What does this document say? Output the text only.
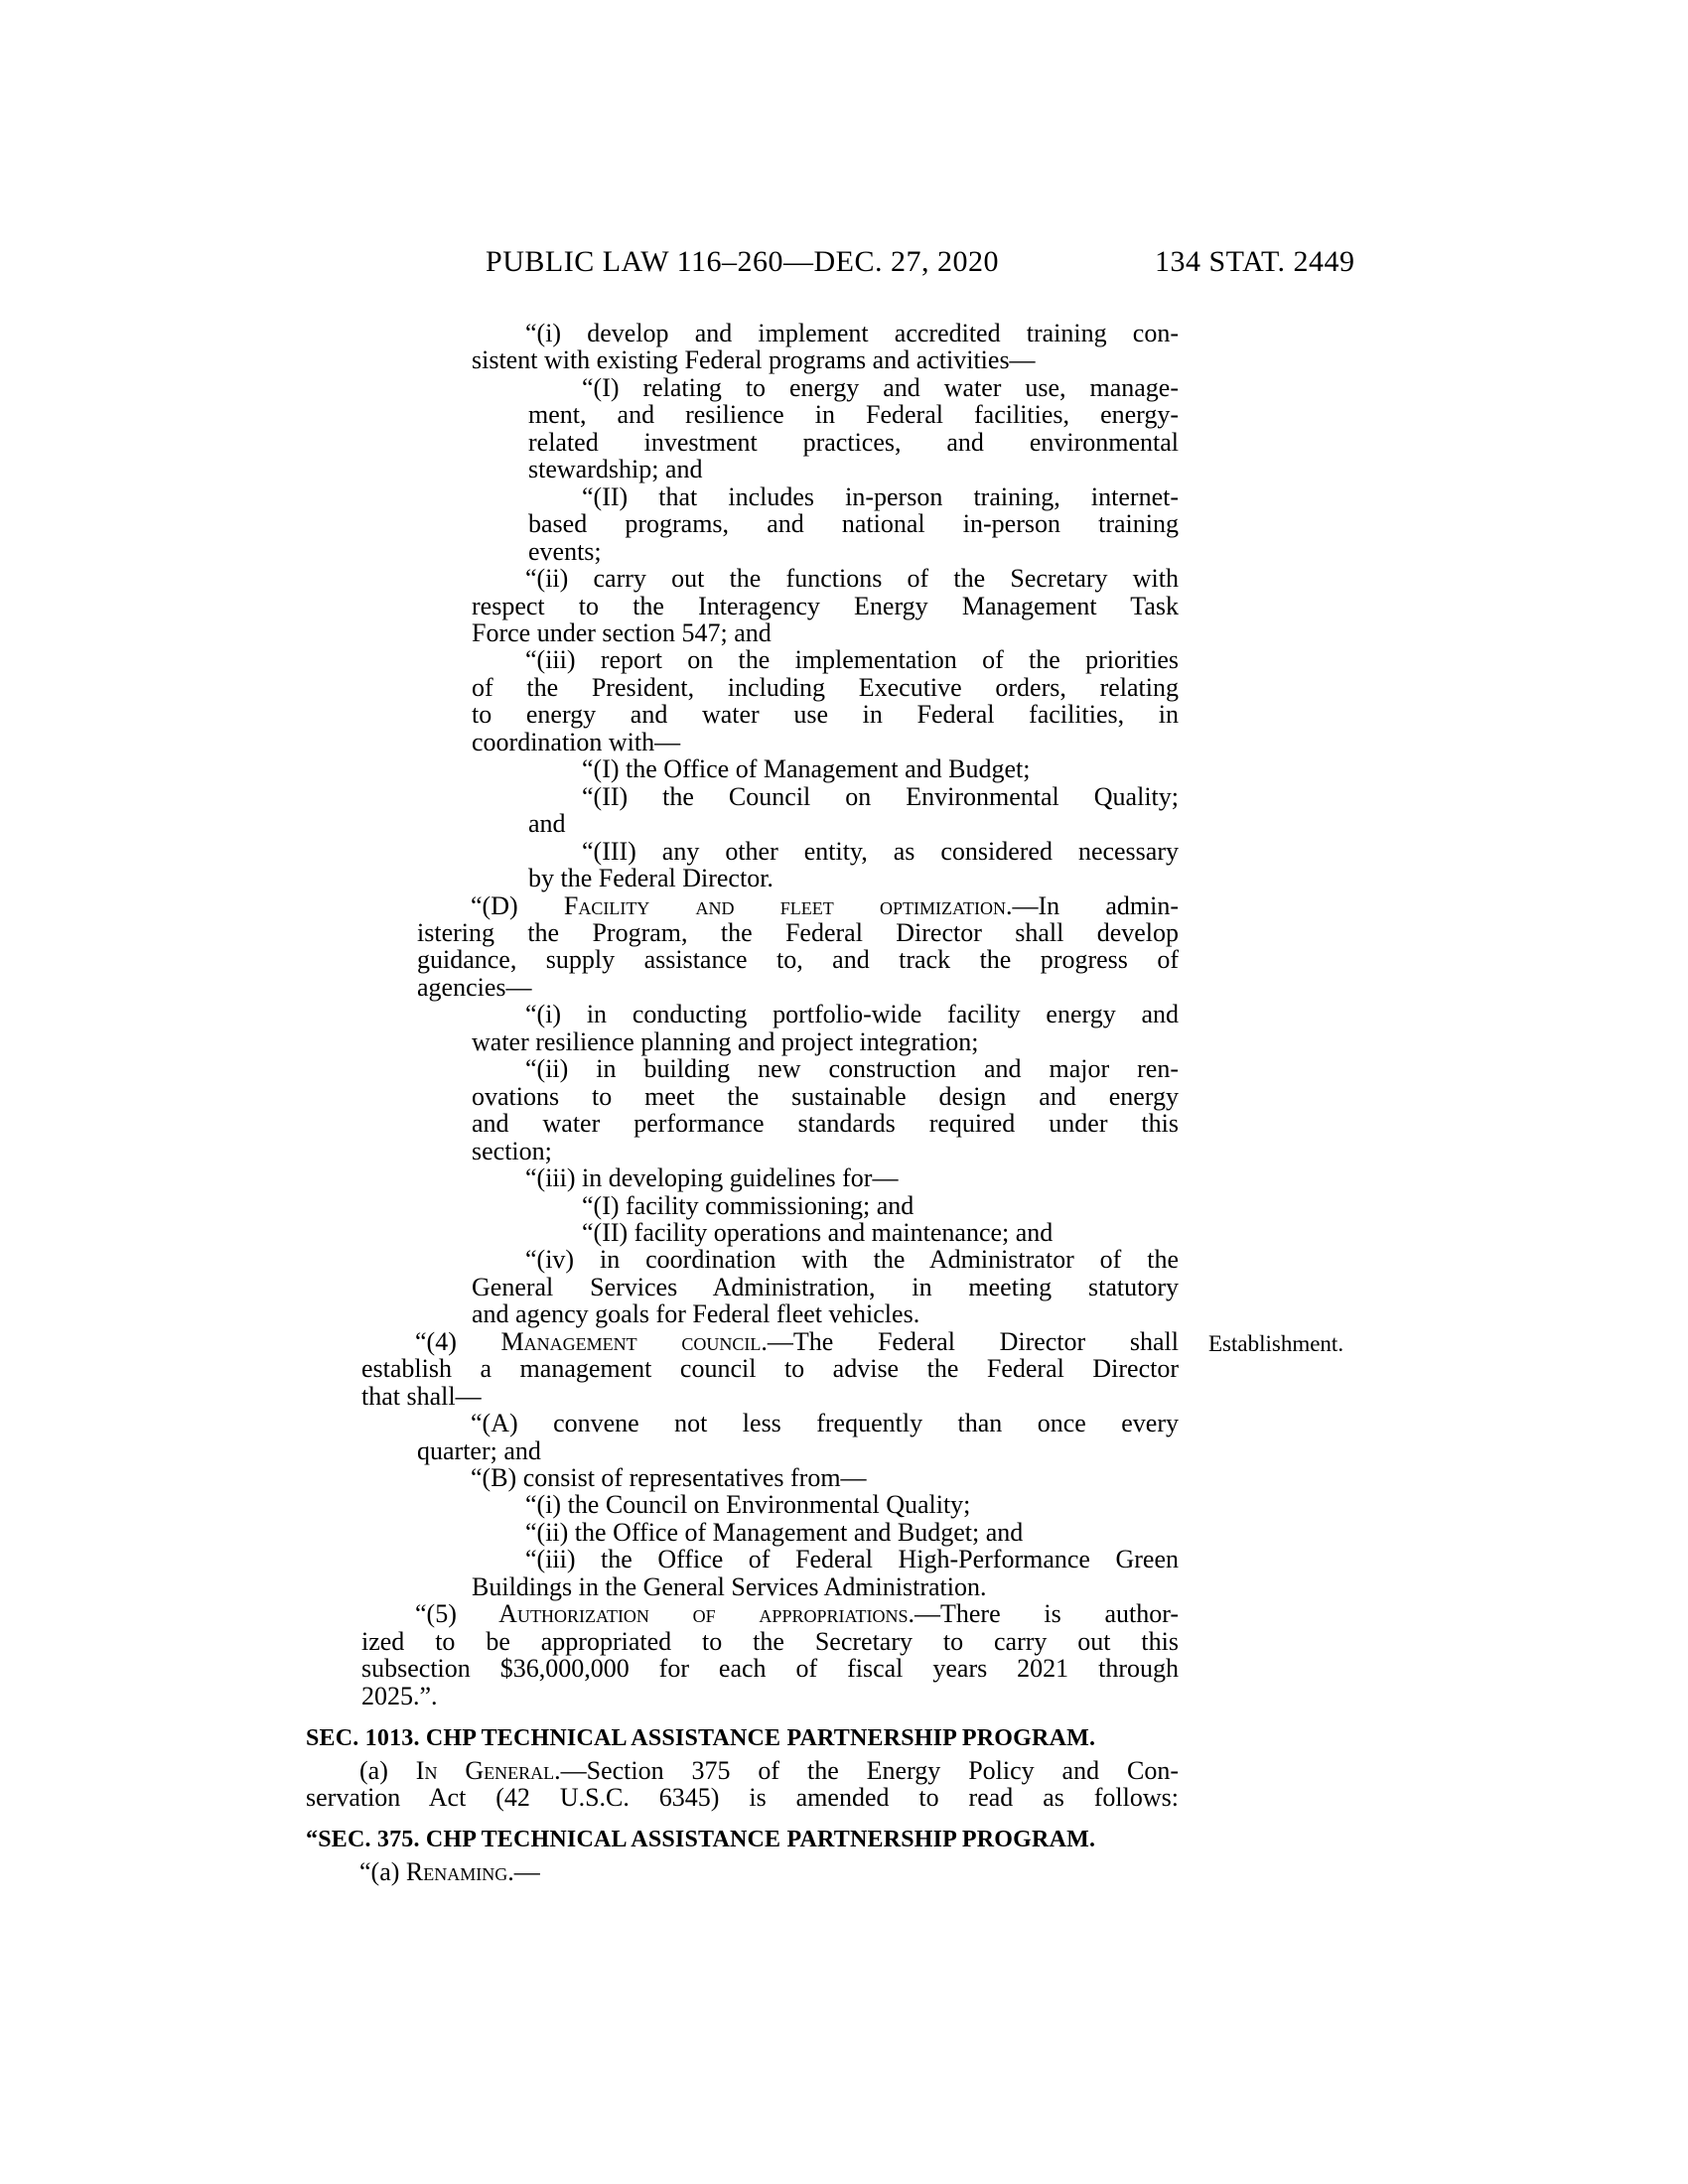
PUBLIC LAW 116–260—DEC. 27, 2020	134 STAT. 2449
“(i) develop and implement accredited training con-
sistent with existing Federal programs and activities—
“(I) relating to energy and water use, manage-
ment, and resilience in Federal facilities, energy-
related investment practices, and environmental
stewardship; and
“(II) that includes in-person training, internet-
based programs, and national in-person training
events;
“(ii) carry out the functions of the Secretary with
respect to the Interagency Energy Management Task
Force under section 547; and
“(iii) report on the implementation of the priorities
of the President, including Executive orders, relating
to energy and water use in Federal facilities, in
coordination with—
“(I) the Office of Management and Budget;
“(II) the Council on Environmental Quality;
and
“(III) any other entity, as considered necessary
by the Federal Director.
“(D) Facility and fleet optimization.—In admin-
istering the Program, the Federal Director shall develop
guidance, supply assistance to, and track the progress of
agencies—
“(i) in conducting portfolio-wide facility energy and
water resilience planning and project integration;
“(ii) in building new construction and major ren-
ovations to meet the sustainable design and energy
and water performance standards required under this
section;
“(iii) in developing guidelines for—
“(I) facility commissioning; and
“(II) facility operations and maintenance; and
“(iv) in coordination with the Administrator of the
General Services Administration, in meeting statutory
and agency goals for Federal fleet vehicles.
“(4) Management council.—The Federal Director shall
establish a management council to advise the Federal Director
that shall—
“(A) convene not less frequently than once every
quarter; and
“(B) consist of representatives from—
“(i) the Council on Environmental Quality;
“(ii) the Office of Management and Budget; and
“(iii) the Office of Federal High-Performance Green
Buildings in the General Services Administration.
“(5) Authorization of appropriations.—There is author-
ized to be appropriated to the Secretary to carry out this
subsection $36,000,000 for each of fiscal years 2021 through
2025.”.
SEC. 1013. CHP TECHNICAL ASSISTANCE PARTNERSHIP PROGRAM.
(a) In General.—Section 375 of the Energy Policy and Con-
servation Act (42 U.S.C. 6345) is amended to read as follows:
“SEC. 375. CHP TECHNICAL ASSISTANCE PARTNERSHIP PROGRAM.
“(a) Renaming.—
Establishment.
